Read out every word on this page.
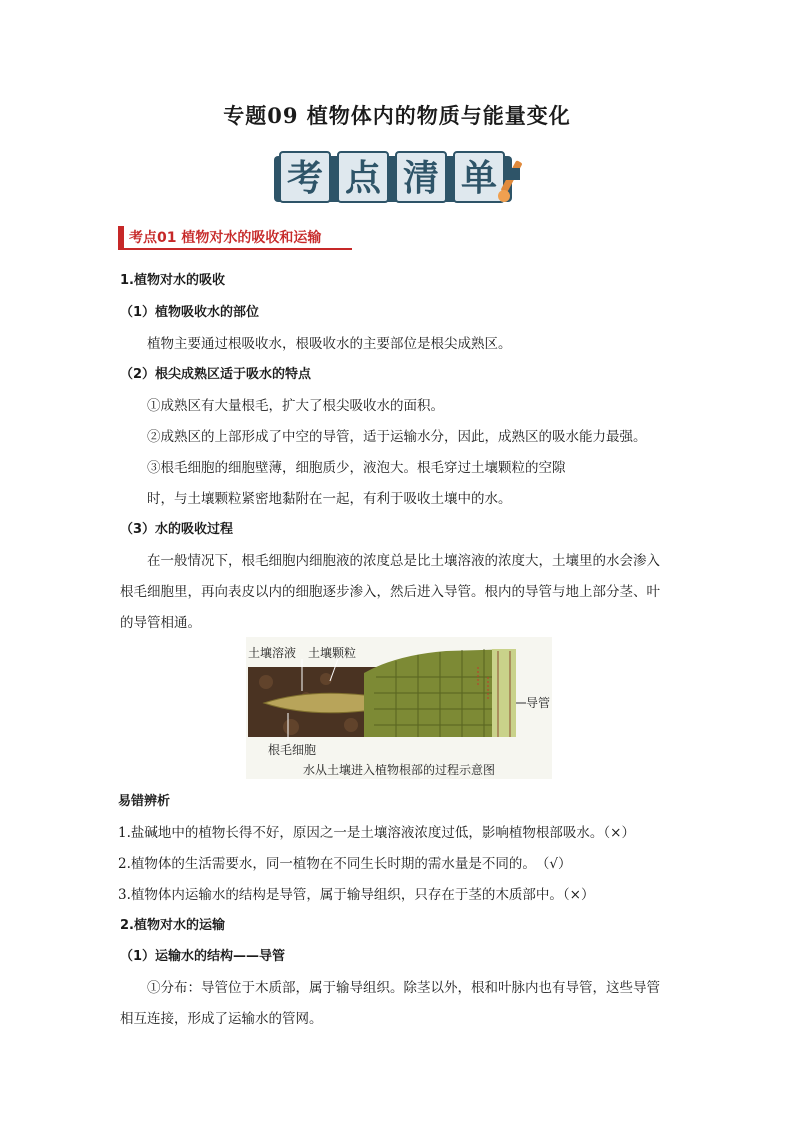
专题09 植物体内的物质与能量变化
考 点 清 单
考点01 植物对水的吸收和运输
1.植物对水的吸收
（1）植物吸收水的部位
植物主要通过根吸收水，根吸收水的主要部位是根尖成熟区。
（2）根尖成熟区适于吸水的特点
①成熟区有大量根毛，扩大了根尖吸收水的面积。
②成熟区的上部形成了中空的导管，适于运输水分，因此，成熟区的吸水能力最强。
③根毛细胞的细胞壁薄，细胞质少，液泡大。根毛穿过土壤颗粒的空隙
时，与土壤颗粒紧密地黏附在一起，有利于吸收土壤中的水。
（3）水的吸收过程
在一般情况下，根毛细胞内细胞液的浓度总是比土壤溶液的浓度大，土壤里的水会渗入
根毛细胞里，再向表皮以内的细胞逐步渗入，然后进入导管。根内的导管与地上部分茎、叶
的导管相通。
土壤溶液 土壤颗粒
导管
根毛细胞
水从土壤进入植物根部的过程示意图
易错辨析
1.盐碱地中的植物长得不好，原因之一是土壤溶液浓度过低，影响植物根部吸水。（×）
2.植物体的生活需要水，同一植物在不同生长时期的需水量是不同的。　（√）
3.植物体内运输水的结构是导管，属于输导组织，只存在于茎的木质部中。（×）
2.植物对水的运输
（1）运输水的结构——导管
①分布：导管位于木质部，属于输导组织。除茎以外，根和叶脉内也有导管，这些导管
相互连接，形成了运输水的管网。
